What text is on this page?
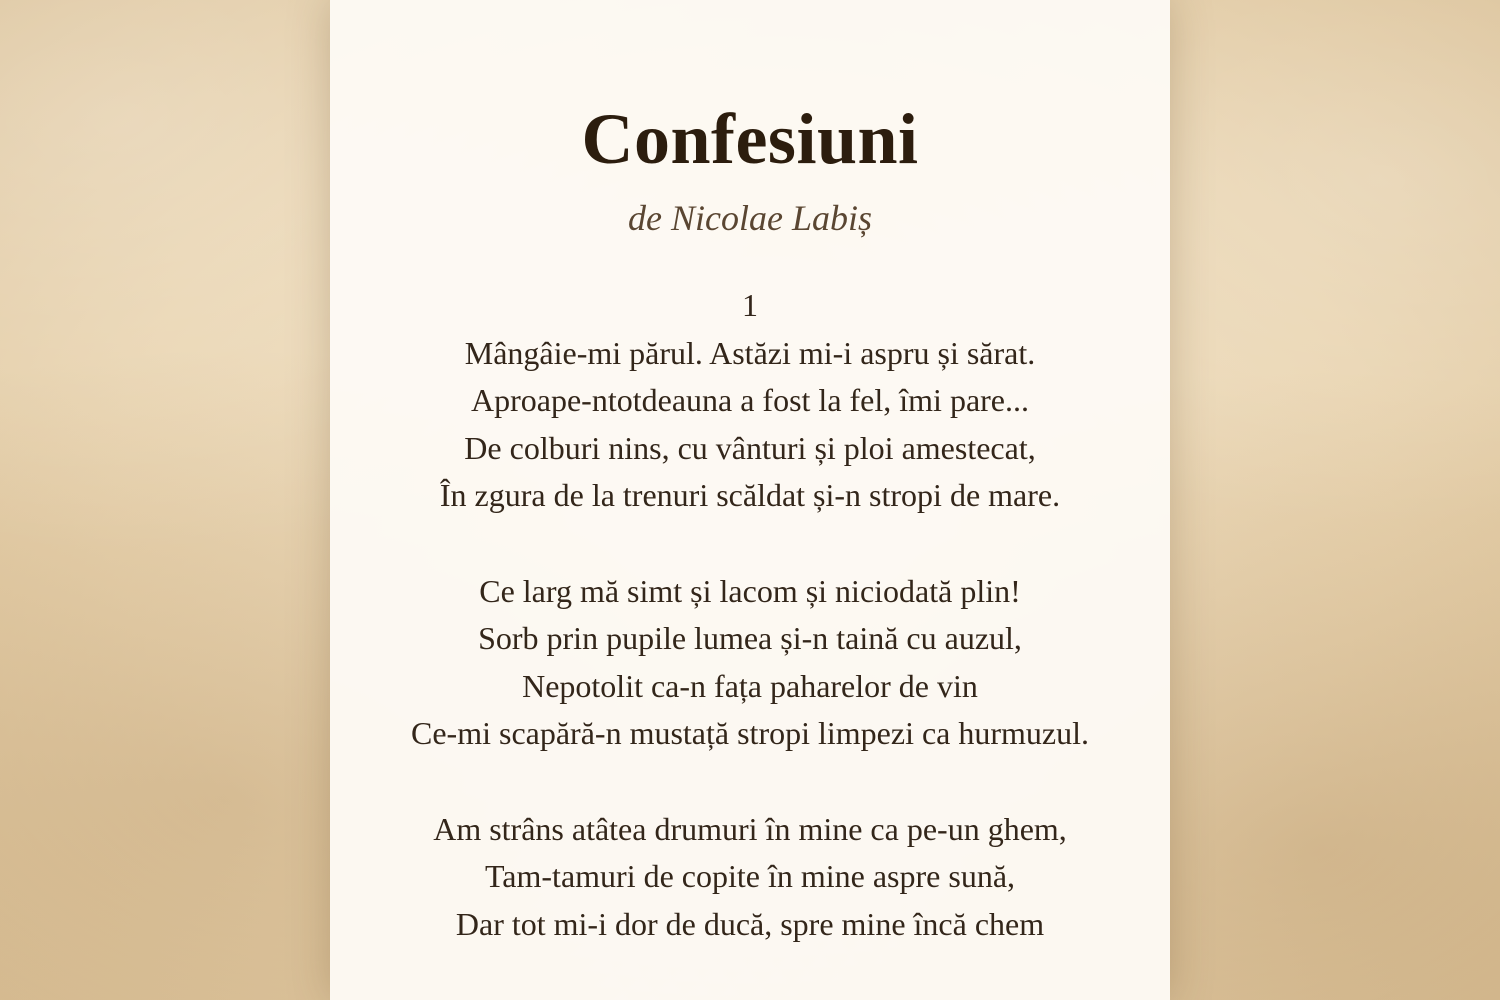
Confesiuni

de Nicolae Labiș

1
Mângâie-mi părul. Astăzi mi-i aspru și sărat.
Aproape-ntotdeauna a fost la fel, îmi pare...
De colburi nins, cu vânturi și ploi amestecat,
În zgura de la trenuri scăldat și-n stropi de mare.
Ce larg mă simt și lacom și niciodată plin!
Sorb prin pupile lumea și-n taină cu auzul,
Nepotolit ca-n fața paharelor de vin
Ce-mi scapără-n mustață stropi limpezi ca hurmuzul.
Am strâns atâtea drumuri în mine ca pe-un ghem,
Tam-tamuri de copite în mine aspre sună,
Dar tot mi-i dor de ducă, spre mine încă chem
